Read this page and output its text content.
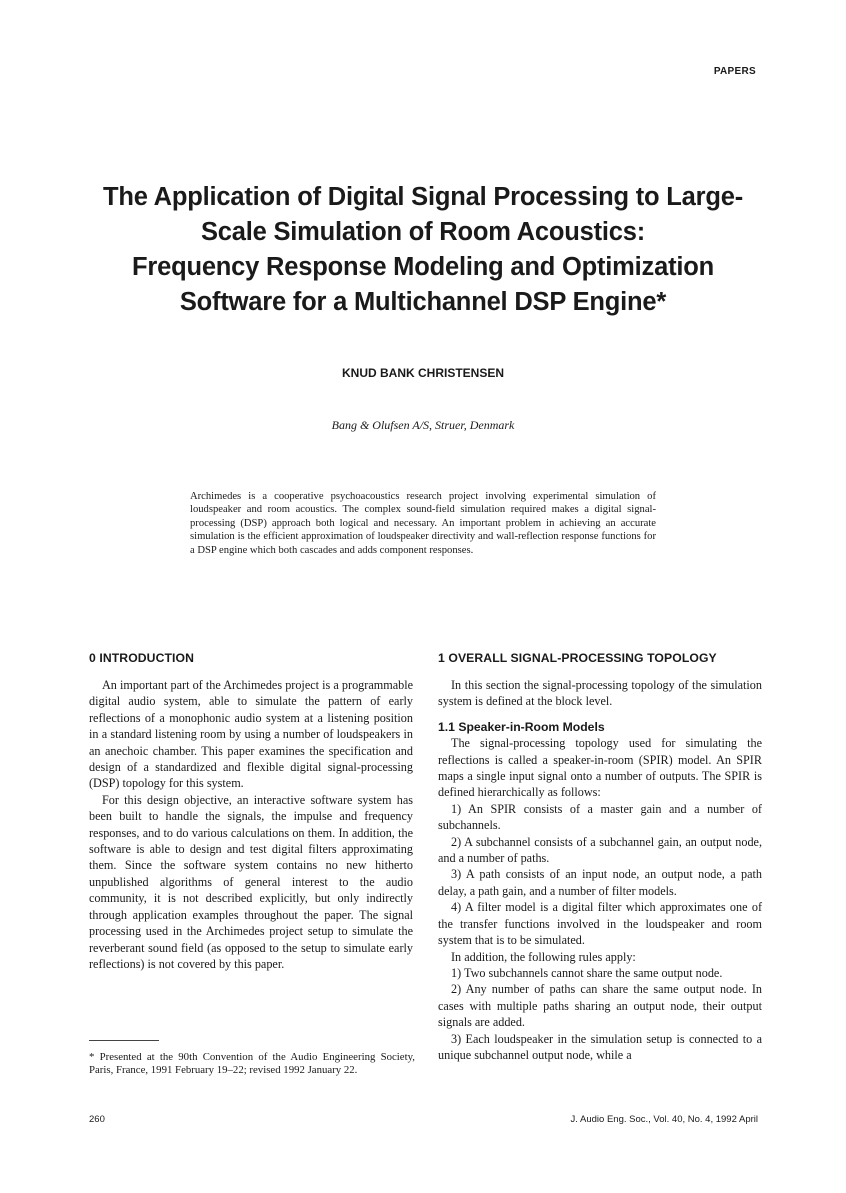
PAPERS
The Application of Digital Signal Processing to Large-
Scale Simulation of Room Acoustics:
Frequency Response Modeling and Optimization
Software for a Multichannel DSP Engine*
KNUD BANK CHRISTENSEN
Bang & Olufsen A/S, Struer, Denmark
Archimedes is a cooperative psychoacoustics research project involving experimental simulation of loudspeaker and room acoustics. The complex sound-field simulation required makes a digital signal-processing (DSP) approach both logical and necessary. An important problem in achieving an accurate simulation is the efficient approximation of loudspeaker directivity and wall-reflection response functions for a DSP engine which both cascades and adds component responses.
0 INTRODUCTION

An important part of the Archimedes project is a programmable digital audio system, able to simulate the pattern of early reflections of a monophonic audio system at a listening position in a standard listening room by using a number of loudspeakers in an anechoic chamber. This paper examines the specification and design of a standardized and flexible digital signal-processing (DSP) topology for this system.

For this design objective, an interactive software system has been built to handle the signals, the impulse and frequency responses, and to do various calculations on them. In addition, the software is able to design and test digital filters approximating them. Since the software system contains no new hitherto unpublished algorithms of general interest to the audio community, it is not described explicitly, but only indirectly through application examples throughout the paper. The signal processing used in the Archimedes project setup to simulate the reverberant sound field (as opposed to the setup to simulate early reflections) is not covered by this paper.

* Presented at the 90th Convention of the Audio Engineering Society, Paris, France, 1991 February 19–22; revised 1992 January 22.
1 OVERALL SIGNAL-PROCESSING TOPOLOGY

In this section the signal-processing topology of the simulation system is defined at the block level.

1.1 Speaker-in-Room Models

The signal-processing topology used for simulating the reflections is called a speaker-in-room (SPIR) model. An SPIR maps a single input signal onto a number of outputs. The SPIR is defined hierarchically as follows:

1) An SPIR consists of a master gain and a number of subchannels.

2) A subchannel consists of a subchannel gain, an output node, and a number of paths.

3) A path consists of an input node, an output node, a path delay, a path gain, and a number of filter models.

4) A filter model is a digital filter which approximates one of the transfer functions involved in the loudspeaker and room system that is to be simulated.

In addition, the following rules apply:

1) Two subchannels cannot share the same output node.

2) Any number of paths can share the same output node. In cases with multiple paths sharing an output node, their output signals are added.

3) Each loudspeaker in the simulation setup is connected to a unique subchannel output node, while a

260	J. Audio Eng. Soc., Vol. 40, No. 4, 1992 April
